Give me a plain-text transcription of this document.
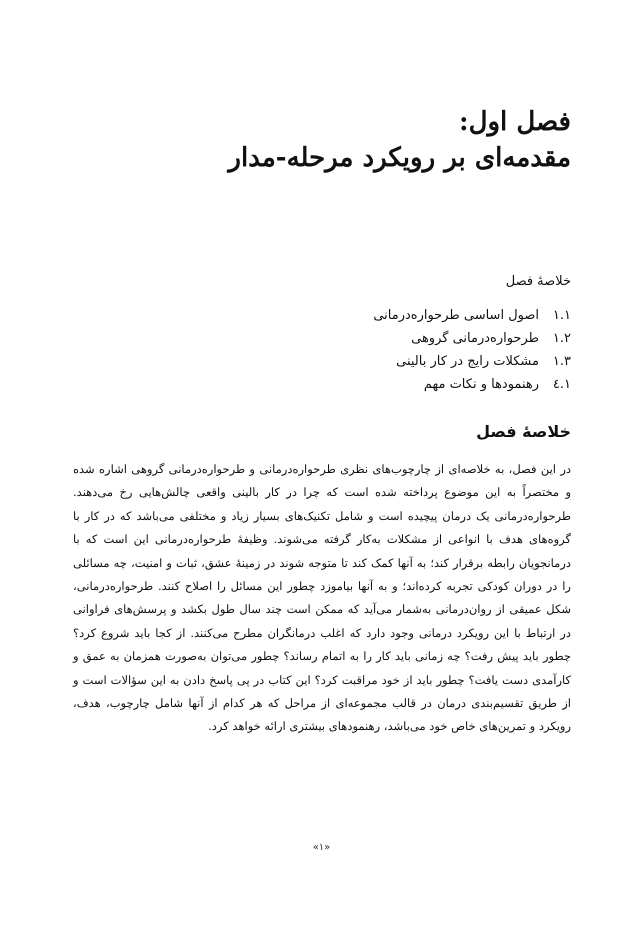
فصل اول:
مقدمه‌ای بر رویکرد مرحله-مدار
خلاصهٔ فصل
۱.۱
اصول اساسی طرحواره‌درمانی
۱.۲
طرحواره‌درمانی گروهی
۱.۳
مشکلات رایج در کار بالینی
۱.٤
رهنمودها و نکات مهم
خلاصهٔ فصل

در این فصل، به خلاصه‌ای از چارچوب‌های نظری طرحواره‌درمانی و طرحواره‌درمانی گروهی اشاره شده و مختصراً به این موضوع پرداخته شده است که چرا در کار بالینی واقعی چالش‌هایی رخ می‌دهند. طرحواره‌درمانی یک درمان پیچیده است و شامل تکنیک‌های بسیار زیاد و مختلفی می‌باشد که در کار با گروه‌های هدف با انواعی از مشکلات به‌کار گرفته می‌شوند. وظیفهٔ طرحواره‌درمانی این است که با درمانجویان رابطه برقرار کند؛ به آنها کمک کند تا متوجه شوند در زمینهٔ عشق، ثبات و امنیت، چه مسائلی را در دوران کودکی تجربه کرده‌اند؛ و به آنها بیاموزد چطور این مسائل را اصلاح کنند. طرحواره‌درمانی، شکل عمیقی از روان‌درمانی به‌شمار می‌آید که ممکن است چند سال طول بکشد و پرسش‌های فراوانی در ارتباط با این رویکرد درمانی وجود دارد که اغلب درمانگران مطرح می‌کنند. از کجا باید شروع کرد؟ چطور باید پیش رفت؟ چه زمانی باید کار را به اتمام رساند؟ چطور می‌توان به‌صورت همزمان به عمق و کارآمدی دست یافت؟ چطور باید از خود مراقبت کرد؟ این کتاب در پی پاسخ دادن به این سؤالات است و از طریق تقسیم‌بندی درمان در قالب مجموعه‌ای از مراحل که هر کدام از آنها شامل چارچوب، هدف، رویکرد و تمرین‌های خاص خود می‌باشد، رهنمودهای بیشتری ارائه خواهد کرد.

«۱»
